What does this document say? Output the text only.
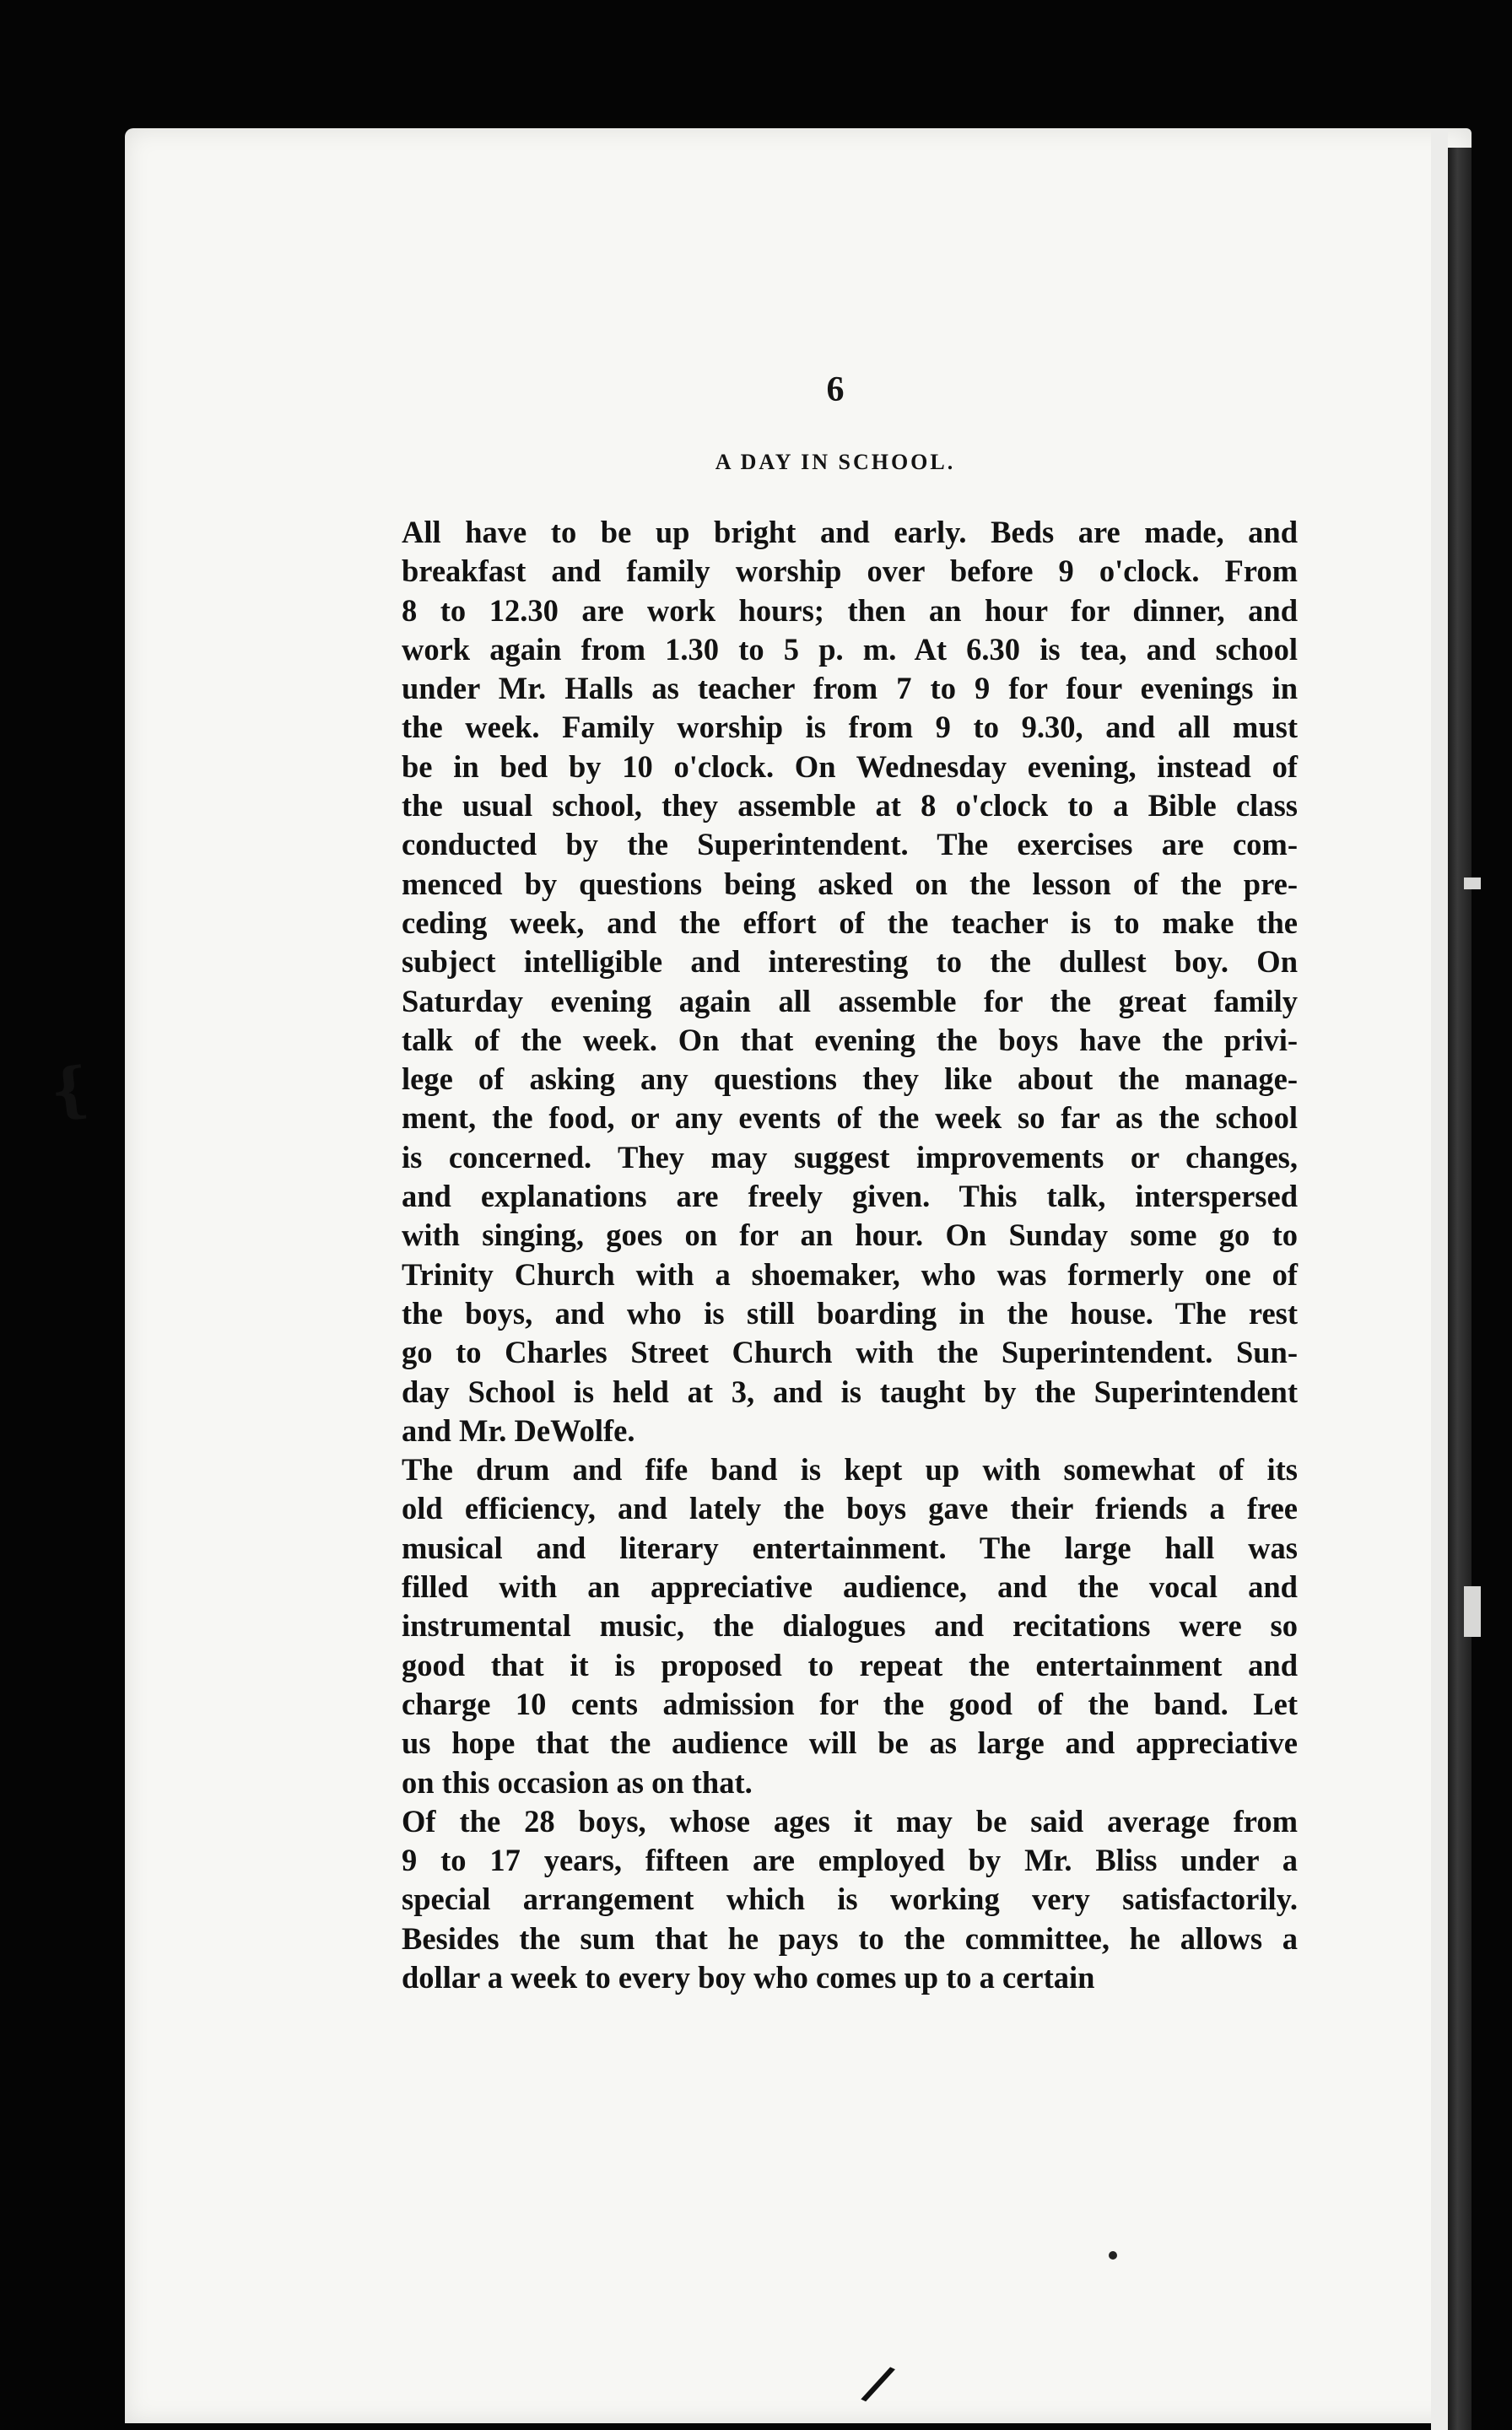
6
A DAY IN SCHOOL.

All have to be up bright and early. Beds are made, and
breakfast and family worship over before 9 o'clock. From
8 to 12.30 are work hours; then an hour for dinner, and
work again from 1.30 to 5 p. m. At 6.30 is tea, and school
under Mr. Halls as teacher from 7 to 9 for four evenings in
the week. Family worship is from 9 to 9.30, and all must
be in bed by 10 o'clock. On Wednesday evening, instead of
the usual school, they assemble at 8 o'clock to a Bible class
conducted by the Superintendent. The exercises are com-
menced by questions being asked on the lesson of the pre-
ceding week, and the effort of the teacher is to make the
subject intelligible and interesting to the dullest boy. On
Saturday evening again all assemble for the great family
talk of the week. On that evening the boys have the privi-
lege of asking any questions they like about the manage-
ment, the food, or any events of the week so far as the school
is concerned. They may suggest improvements or changes,
and explanations are freely given. This talk, interspersed
with singing, goes on for an hour. On Sunday some go to
Trinity Church with a shoemaker, who was formerly one of
the boys, and who is still boarding in the house. The rest
go to Charles Street Church with the Superintendent. Sun-
day School is held at 3, and is taught by the Superintendent
and Mr. DeWolfe.

The drum and fife band is kept up with somewhat of its
old efficiency, and lately the boys gave their friends a free
musical and literary entertainment. The large hall was
filled with an appreciative audience, and the vocal and
instrumental music, the dialogues and recitations were so
good that it is proposed to repeat the entertainment and
charge 10 cents admission for the good of the band. Let
us hope that the audience will be as large and appreciative
on this occasion as on that.

Of the 28 boys, whose ages it may be said average from
9 to 17 years, fifteen are employed by Mr. Bliss under a
special arrangement which is working very satisfactorily.
Besides the sum that he pays to the committee, he allows a
dollar a week to every boy who comes up to a certain

{
/
